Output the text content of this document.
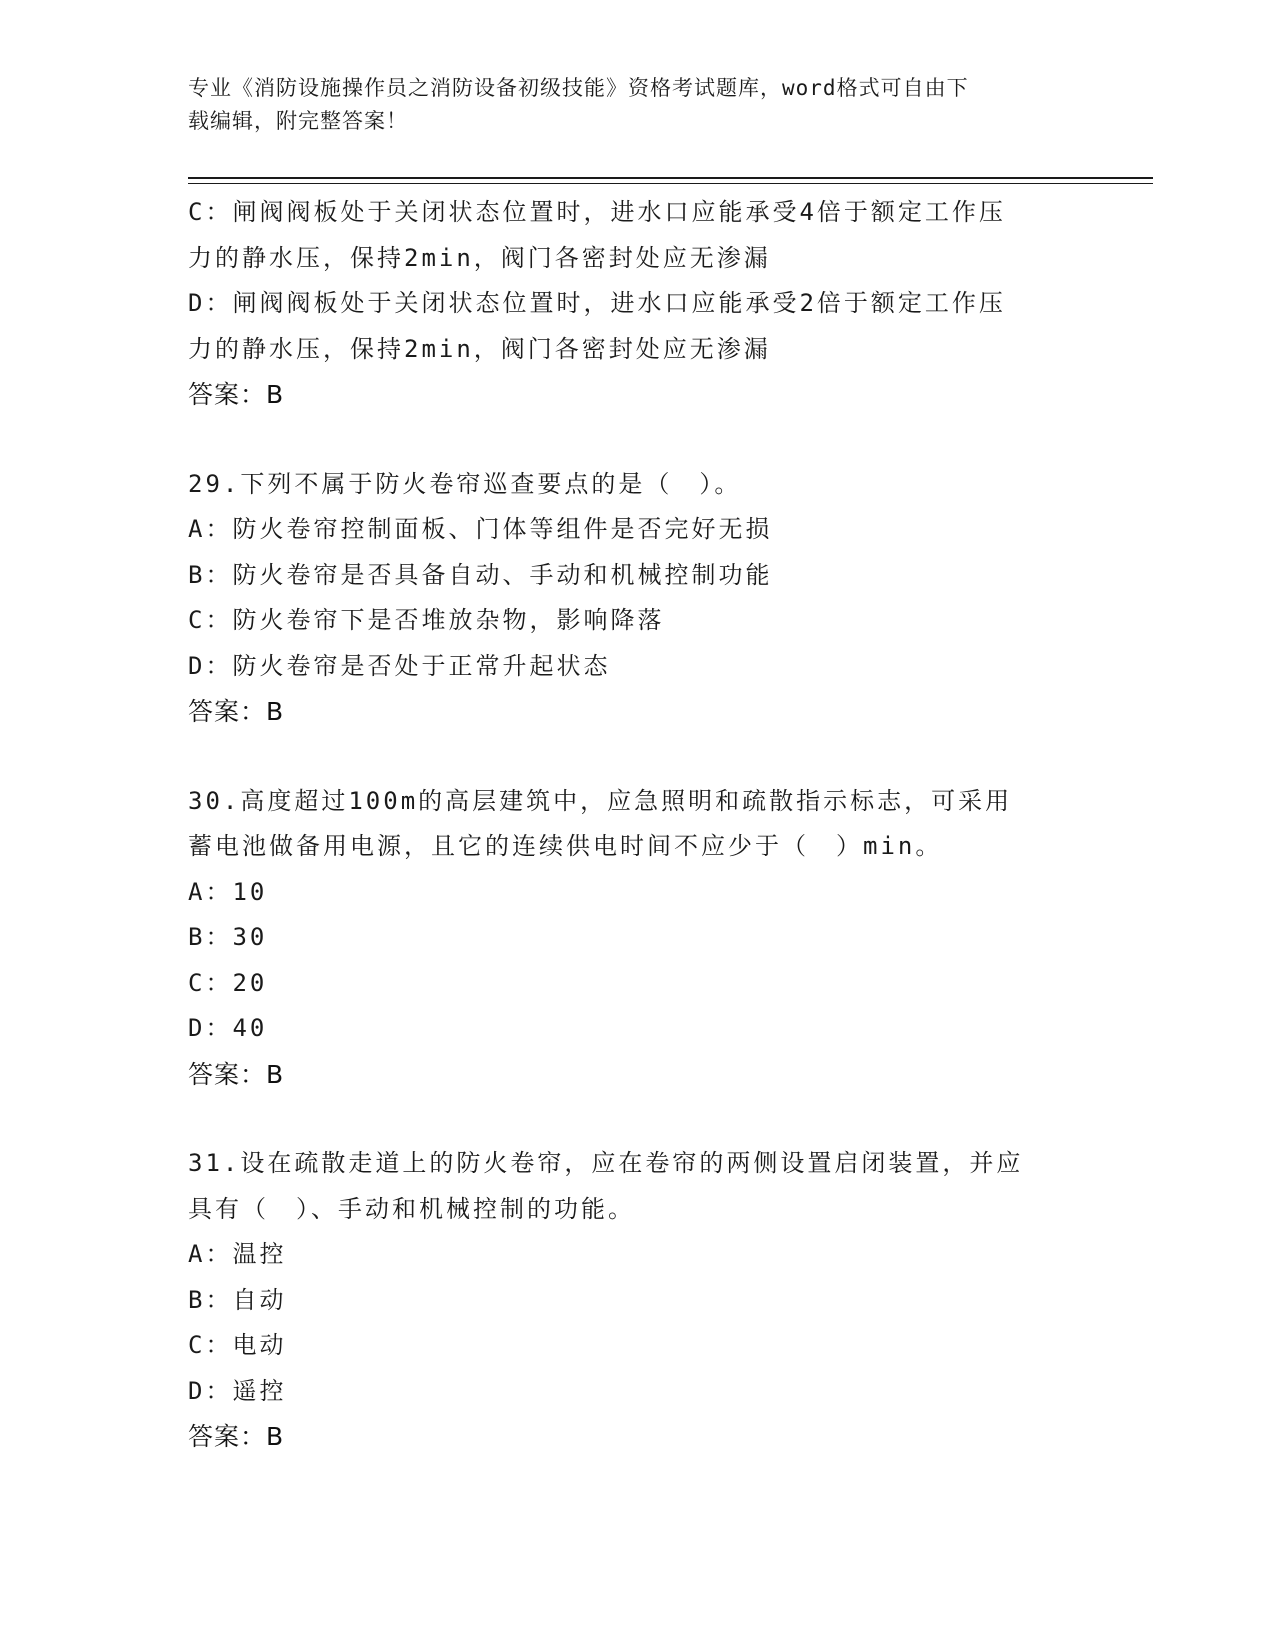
专业《消防设施操作员之消防设备初级技能》资格考试题库，word格式可自由下
载编辑，附完整答案！
C：闸阀阀板处于关闭状态位置时，进水口应能承受4倍于额定工作压
力的静水压，保持2min，阀门各密封处应无渗漏
D：闸阀阀板处于关闭状态位置时，进水口应能承受2倍于额定工作压
力的静水压，保持2min，阀门各密封处应无渗漏
答案：B
29.下列不属于防火卷帘巡查要点的是（　）。
A：防火卷帘控制面板、门体等组件是否完好无损
B：防火卷帘是否具备自动、手动和机械控制功能
C：防火卷帘下是否堆放杂物，影响降落
D：防火卷帘是否处于正常升起状态
答案：B
30.高度超过100m的高层建筑中，应急照明和疏散指示标志，可采用
蓄电池做备用电源，且它的连续供电时间不应少于（　）min。
A：10
B：30
C：20
D：40
答案：B
31.设在疏散走道上的防火卷帘，应在卷帘的两侧设置启闭装置，并应
具有（　）、手动和机械控制的功能。
A：温控
B：自动
C：电动
D：遥控
答案：B
